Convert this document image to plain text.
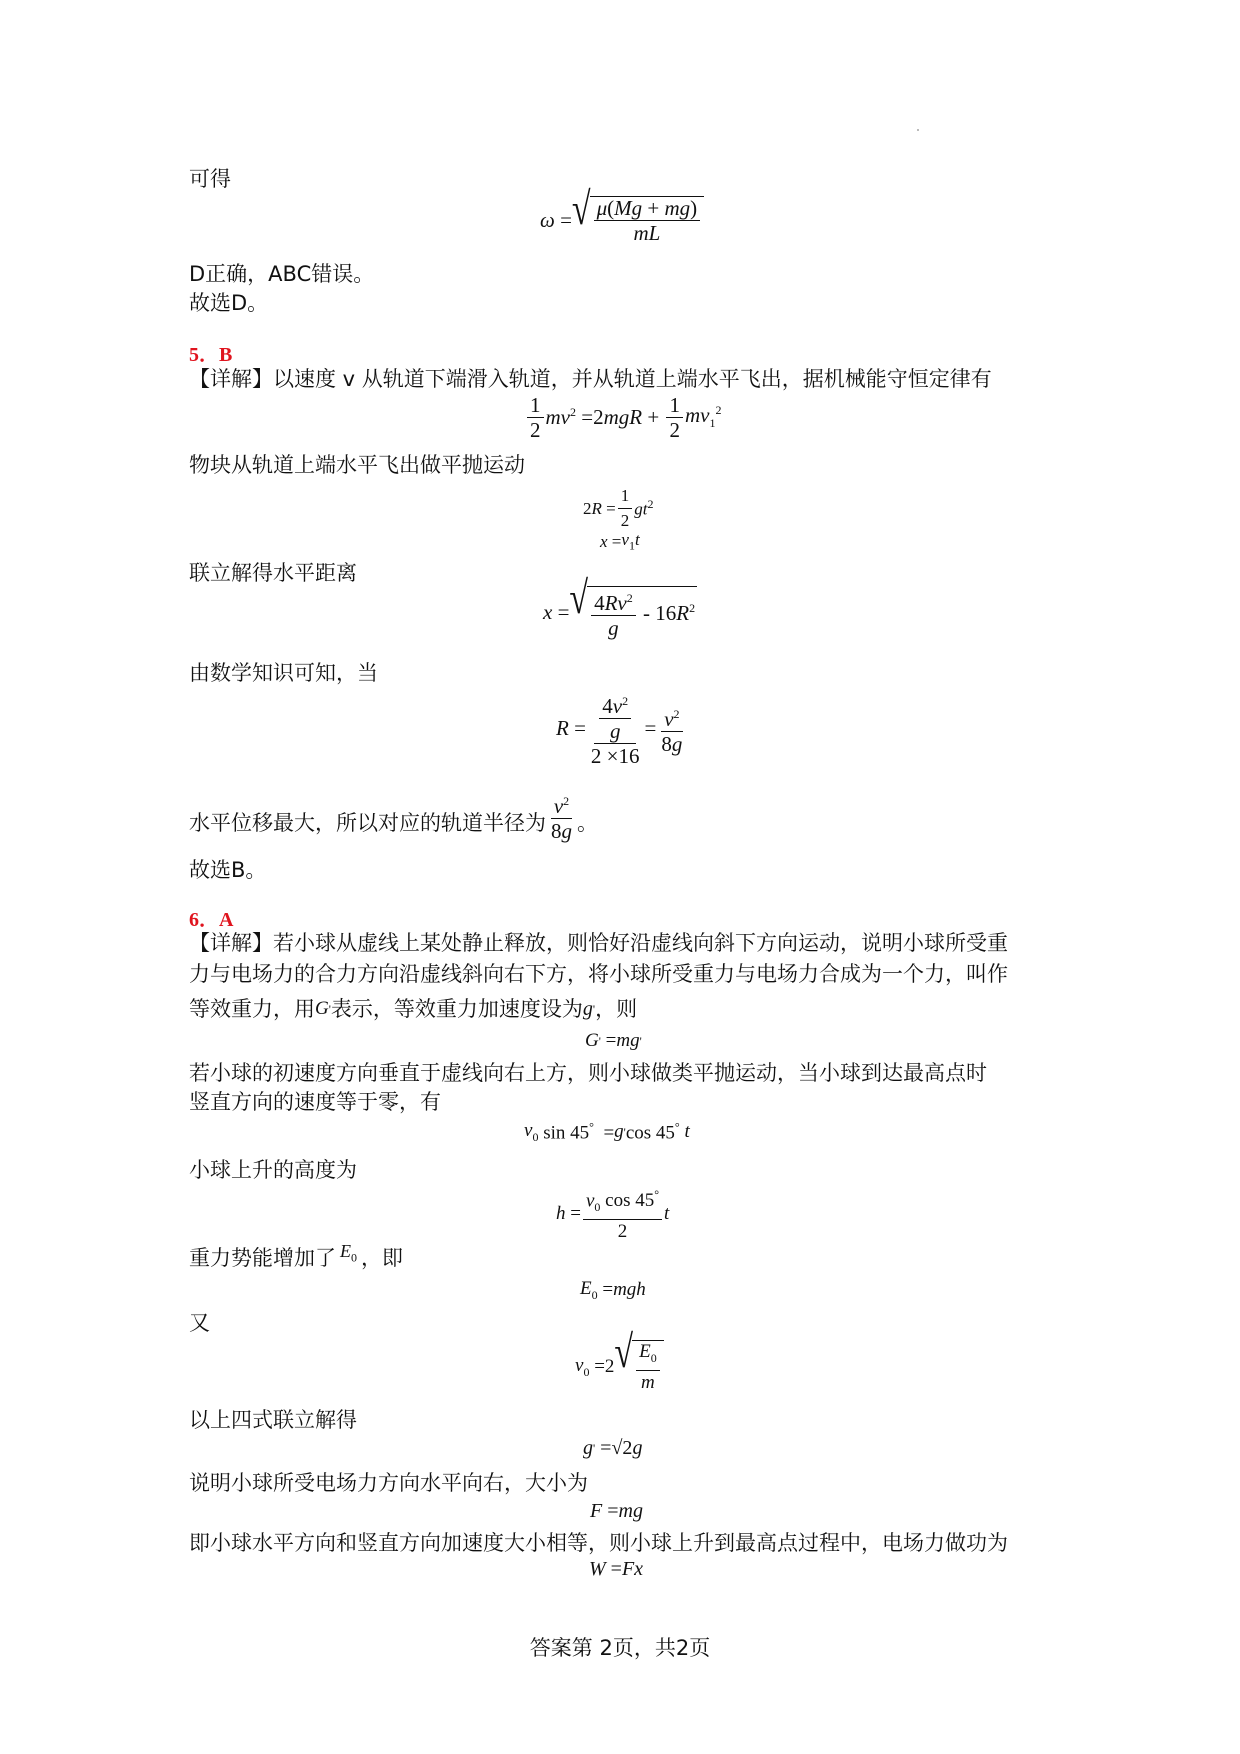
可得
ω = √ $\frac{\mu(Mg + mg)}{mL}$
D正确，ABC错误。
故选D。
5．B
【详解】以速度 v 从轨道下端滑入轨道，并从轨道上端水平飞出，据机械能守恒定律有
$\frac{1}{2} mv^2 =2$ mgR + $\frac{1}{2} mv_1^2$
物块从轨道上端水平飞出做平抛运动
2 $R = \frac{1}{2} gt^2$
$x = v_1t$
联立解得水平距离
x = √ $\frac{4Rv^2}{g} - 16$ $R^2$
由数学知识可知，当
$R = \frac{\frac{4v^2}{g}}{2 \times 16} = \frac{v^2}{8g}$
水平位移最大，所以对应的轨道半径为 $\frac{v^2}{8g}$ 。
故选B。
6．A
【详解】若小球从虚线上某处静止释放，则恰好沿虚线向斜下方向运动，说明小球所受重
力与电场力的合力方向沿虚线斜向右下方，将小球所受重力与电场力合成为一个力，叫作
等效重力，用 G ' 表示，等效重力加速度设为 g ' ，则
G ' = mg '
若小球的初速度方向垂直于虚线向右上方，则小球做类平抛运动，当小球到达最高点时
竖直方向的速度等于零，有
$v_0$ sin 45°  = g ' cos 45° t
小球上升的高度为
$h = \frac{v_0 \cos 45^\circ}{2}$ t
重力势能增加了 $E_0$ ，即
$E_0$ = mgh
又
$v_0 =2$ √ $\frac{E_0}{m}$
以上四式联立解得
g ' =√2 g
说明小球所受电场力方向水平向右，大小为
F = mg
即小球水平方向和竖直方向加速度大小相等，则小球上升到最高点过程中，电场力做功为
W = Fx
答案第 2页，共2页
